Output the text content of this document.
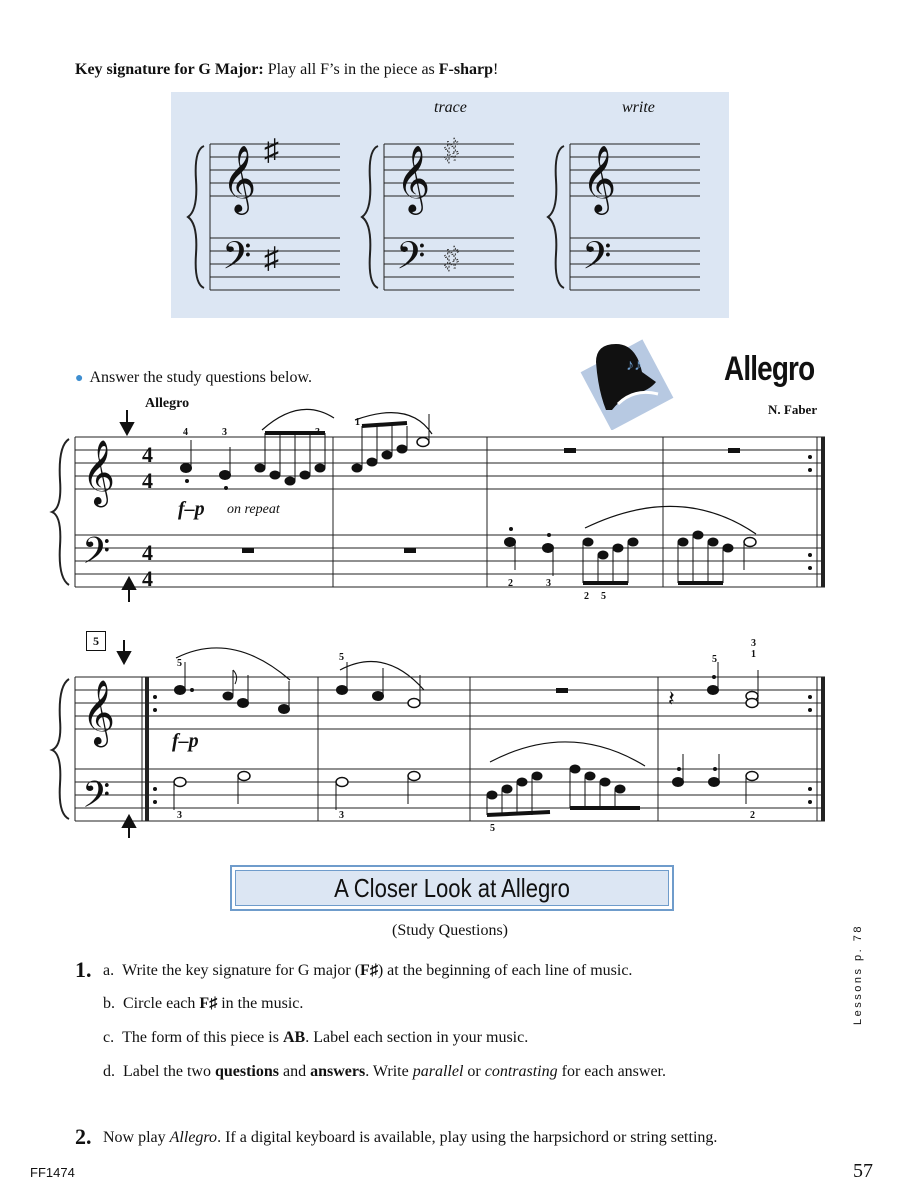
Key signature for G Major: Play all F’s in the piece as F-sharp!
trace	write
𝄞
𝄢
𝄞
𝄢
𝄞
𝄢
♯
♯
♯
♯
● Answer the study questions below.
♪♪ Allegro
N. Faber
𝄞
𝄢
𝄞
𝄢
4
4
4
4
𝄽
Allegro
f–p on repeat
f–p
5
4	3	3
1
2	3
2 5
5
5	5
3
1
3	3
5
2
A Closer Look at Allegro
(Study Questions)
1. a. Write the key signature for G major (F♯) at the beginning of each line of music.
b. Circle each F♯ in the music.
c. The form of this piece is AB. Label each section in your music.
d. Label the two questions and answers. Write parallel or contrasting for each answer.
2. Now play Allegro. If a digital keyboard is available, play using the harpsichord or string setting.
Lessons p. 78
FF1474	57
